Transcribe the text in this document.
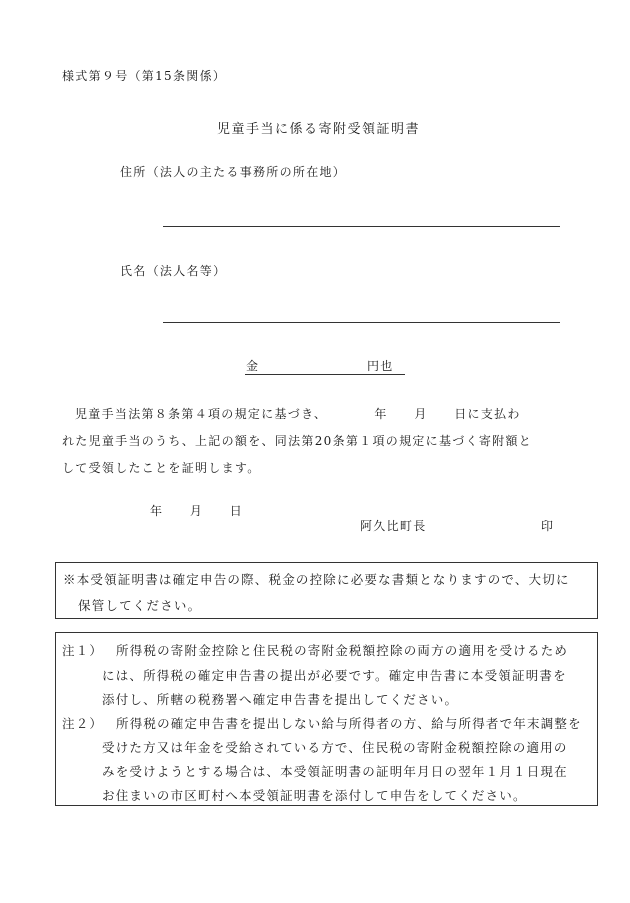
様式第９号（第15条関係）
児童手当に係る寄附受領証明書
住所（法人の主たる事務所の所在地）
氏名（法人名等）
金	円也
児童手当法第８条第４項の規定に基づき、　　　　年　　月　　日に支払わ
れた児童手当のうち、上記の額を、同法第20条第１項の規定に基づく寄附額と
して受領したことを証明します。
年　　月　　日
阿久比町長	印
※本受領証明書は確定申告の際、税金の控除に必要な書類となりますので、大切に
保管してください。
注１） 所得税の寄附金控除と住民税の寄附金税額控除の両方の適用を受けるため
には、所得税の確定申告書の提出が必要です。確定申告書に本受領証明書を
添付し、所轄の税務署へ確定申告書を提出してください。
注２） 所得税の確定申告書を提出しない給与所得者の方、給与所得者で年末調整を
受けた方又は年金を受給されている方で、住民税の寄附金税額控除の適用の
みを受けようとする場合は、本受領証明書の証明年月日の翌年１月１日現在
お住まいの市区町村へ本受領証明書を添付して申告をしてください。
